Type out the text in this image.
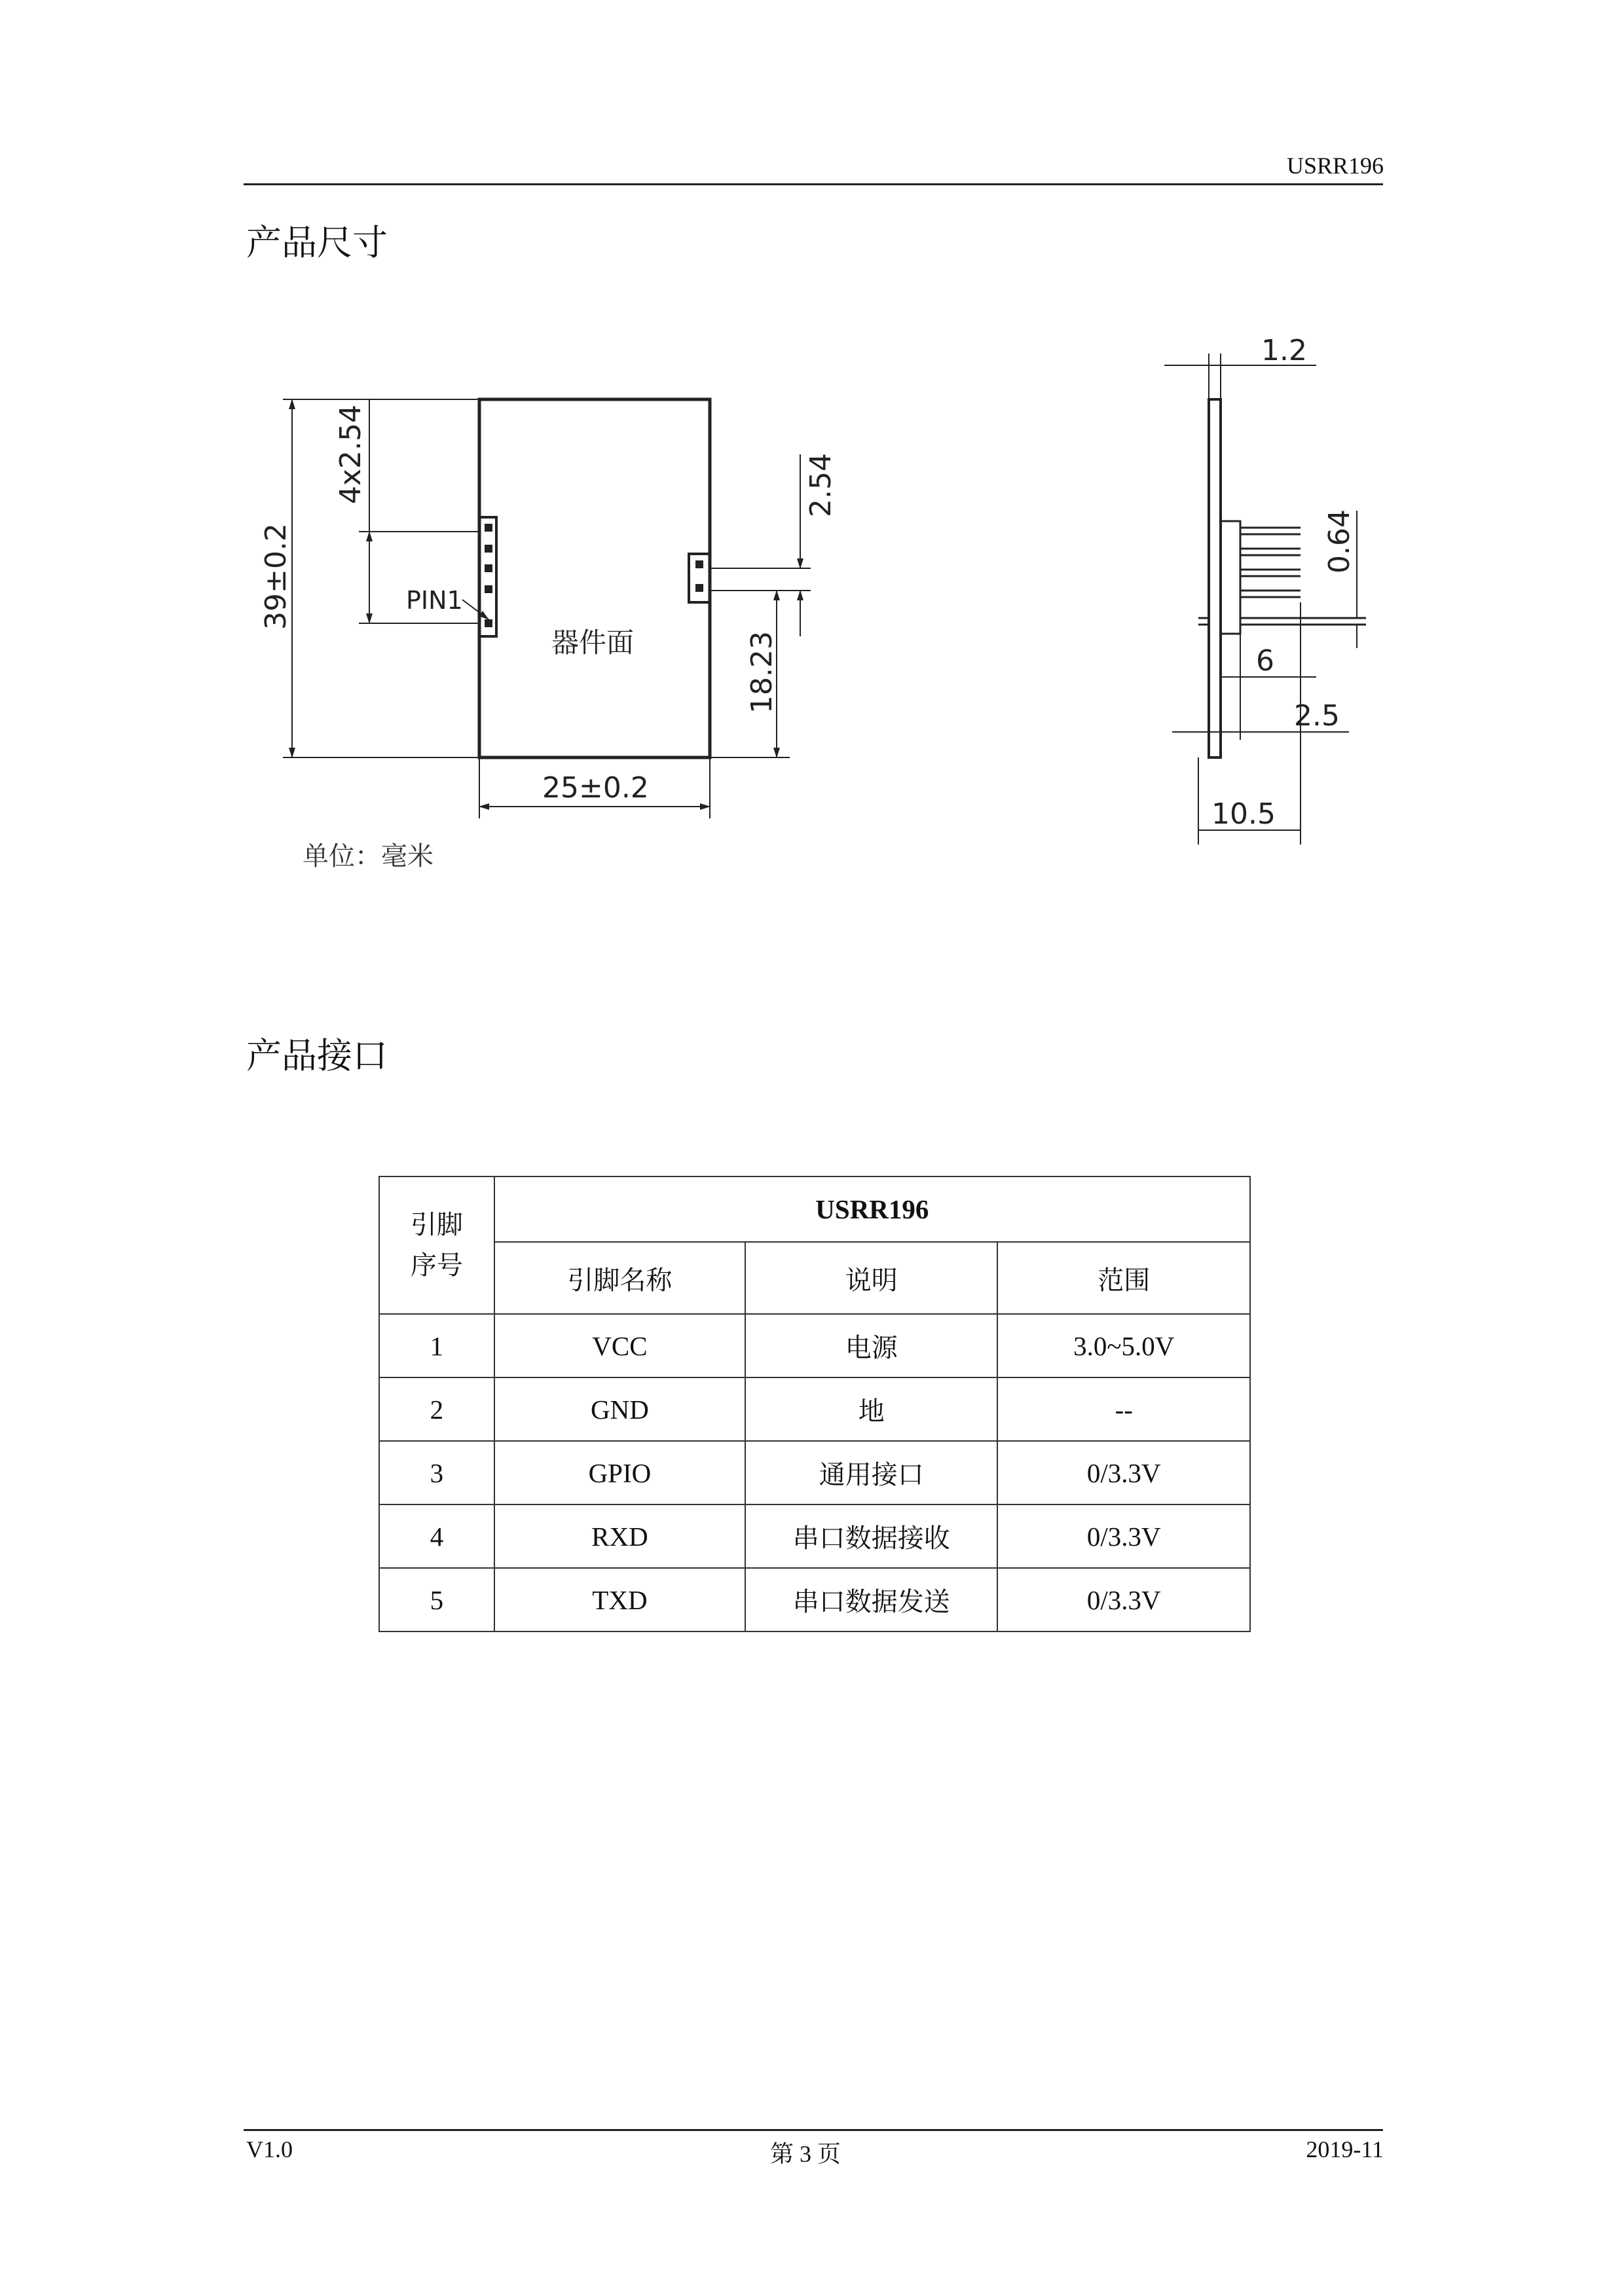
USRR196
产品尺寸
4x2.54
PIN1
39±0.2
器件面
25±0.2
2.54
18.23
1.2
0.64
6
2.5
10.5
单位：毫米
产品接口
引脚
序号	USRR196		
	引脚名称	说明	范围
1	VCC	电源	3.0~5.0V
2	GND	地	--
3	GPIO	通用接口	0/3.3V
4	RXD	串口数据接收	0/3.3V
5	TXD	串口数据发送	0/3.3V
V1.0	第 3 页	2019-11
